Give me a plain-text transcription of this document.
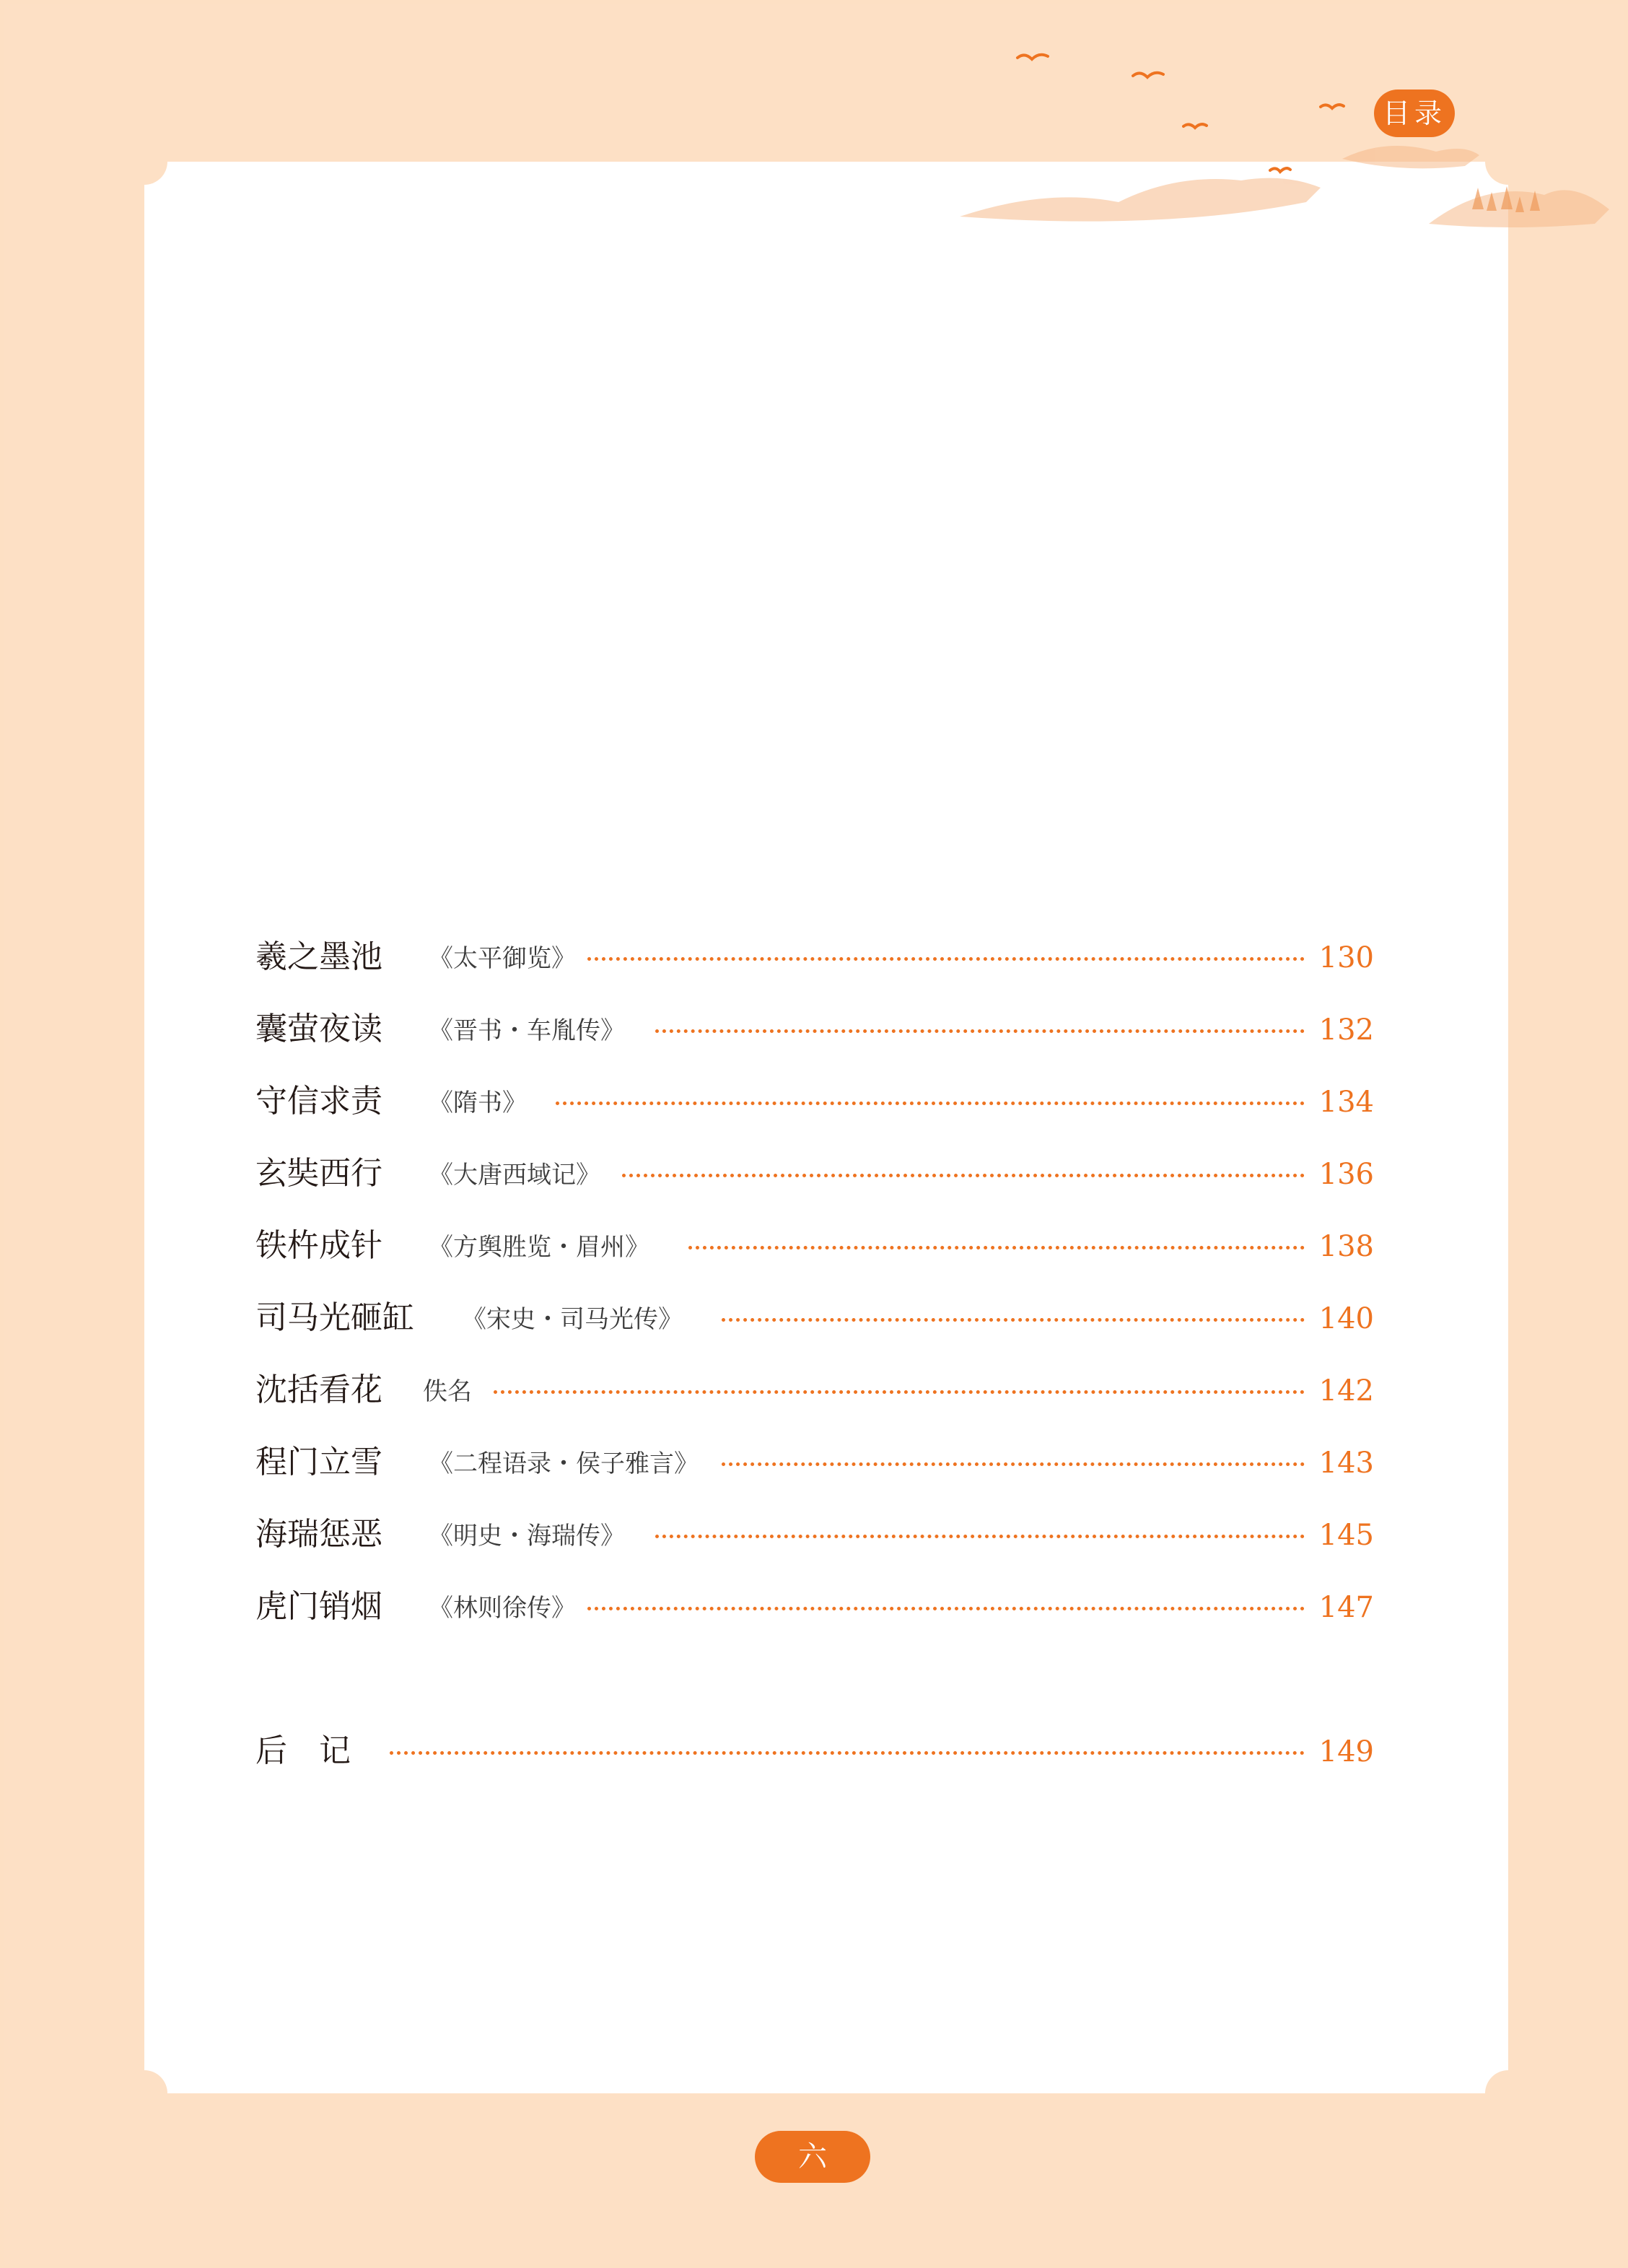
目录
羲之墨池 《太平御览》	130
囊萤夜读 《晋书・车胤传》	132
守信求责 《隋书》	134
玄奘西行 《大唐西域记》	136
铁杵成针 《方舆胜览・眉州》	138
司马光砸缸 《宋史・司马光传》	140
沈括看花 佚名	142
程门立雪 《二程语录・侯子雅言》	143
海瑞惩恶 《明史・海瑞传》	145
虎门销烟 《林则徐传》	147
后　记	149
六
